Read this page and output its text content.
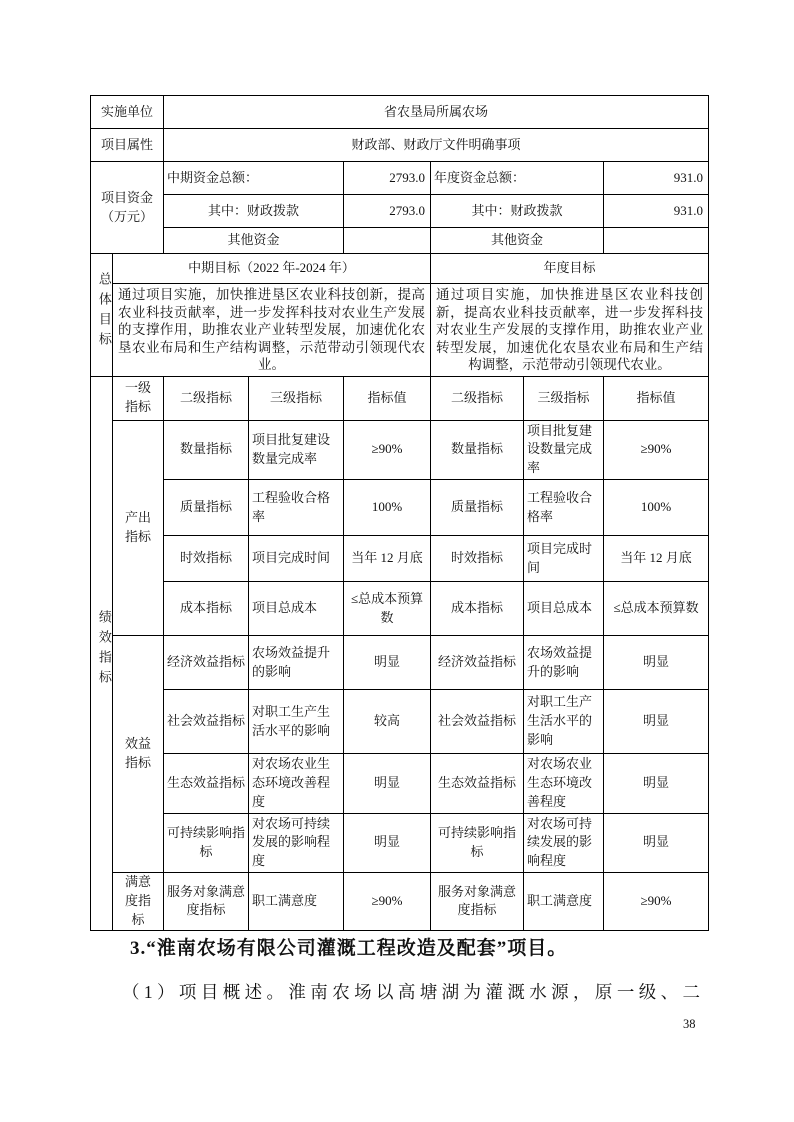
实施单位		省农垦局所属农场					
项目属性		财政部、财政厅文件明确事项					
项目资金（万元）		中期资金总额：		2793.0	年度资金总额：		931.0
		其中：财政拨款		2793.0	其中：财政拨款		931.0
		其他资金			其他资金		
总体目标	中期目标（2022 年-2024 年）				年度目标		
	通过项目实施，加快推进垦区农业科技创新，提高农业科技贡献率，进一步发挥科技对农业生产发展的支撑作用，助推农业产业转型发展，加速优化农垦农业布局和生产结构调整，示范带动引领现代农业。				通过项目实施，加快推进垦区农业科技创新，提高农业科技贡献率，进一步发挥科技对农业生产发展的支撑作用，助推农业产业转型发展，加速优化农垦农业布局和生产结构调整，示范带动引领现代农业。		
绩效指标	一级指标	二级指标	三级指标	指标值	二级指标	三级指标	指标值
	产出指标	数量指标	项目批复建设数量完成率	≥90%	数量指标	项目批复建设数量完成率	≥90%
		质量指标	工程验收合格率	100%	质量指标	工程验收合格率	100%
		时效指标	项目完成时间	当年 12 月底	时效指标	项目完成时间	当年 12 月底
		成本指标	项目总成本	≤总成本预算数	成本指标	项目总成本	≤总成本预算数
	效益指标	经济效益指标	农场效益提升的影响	明显	经济效益指标	农场效益提升的影响	明显
		社会效益指标	对职工生产生活水平的影响	较高	社会效益指标	对职工生产生活水平的影响	明显
		生态效益指标	对农场农业生态环境改善程度	明显	生态效益指标	对农场农业生态环境改善程度	明显
		可持续影响指标	对农场可持续发展的影响程度	明显	可持续影响指标	对农场可持续发展的影响程度	明显
	满意度指标	服务对象满意度指标	职工满意度	≥90%	服务对象满意度指标	职工满意度	≥90%
3.“淮南农场有限公司灌溉工程改造及配套”项目。
（1）项目概述。淮南农场以高塘湖为灌溉水源，原一级、二
38
